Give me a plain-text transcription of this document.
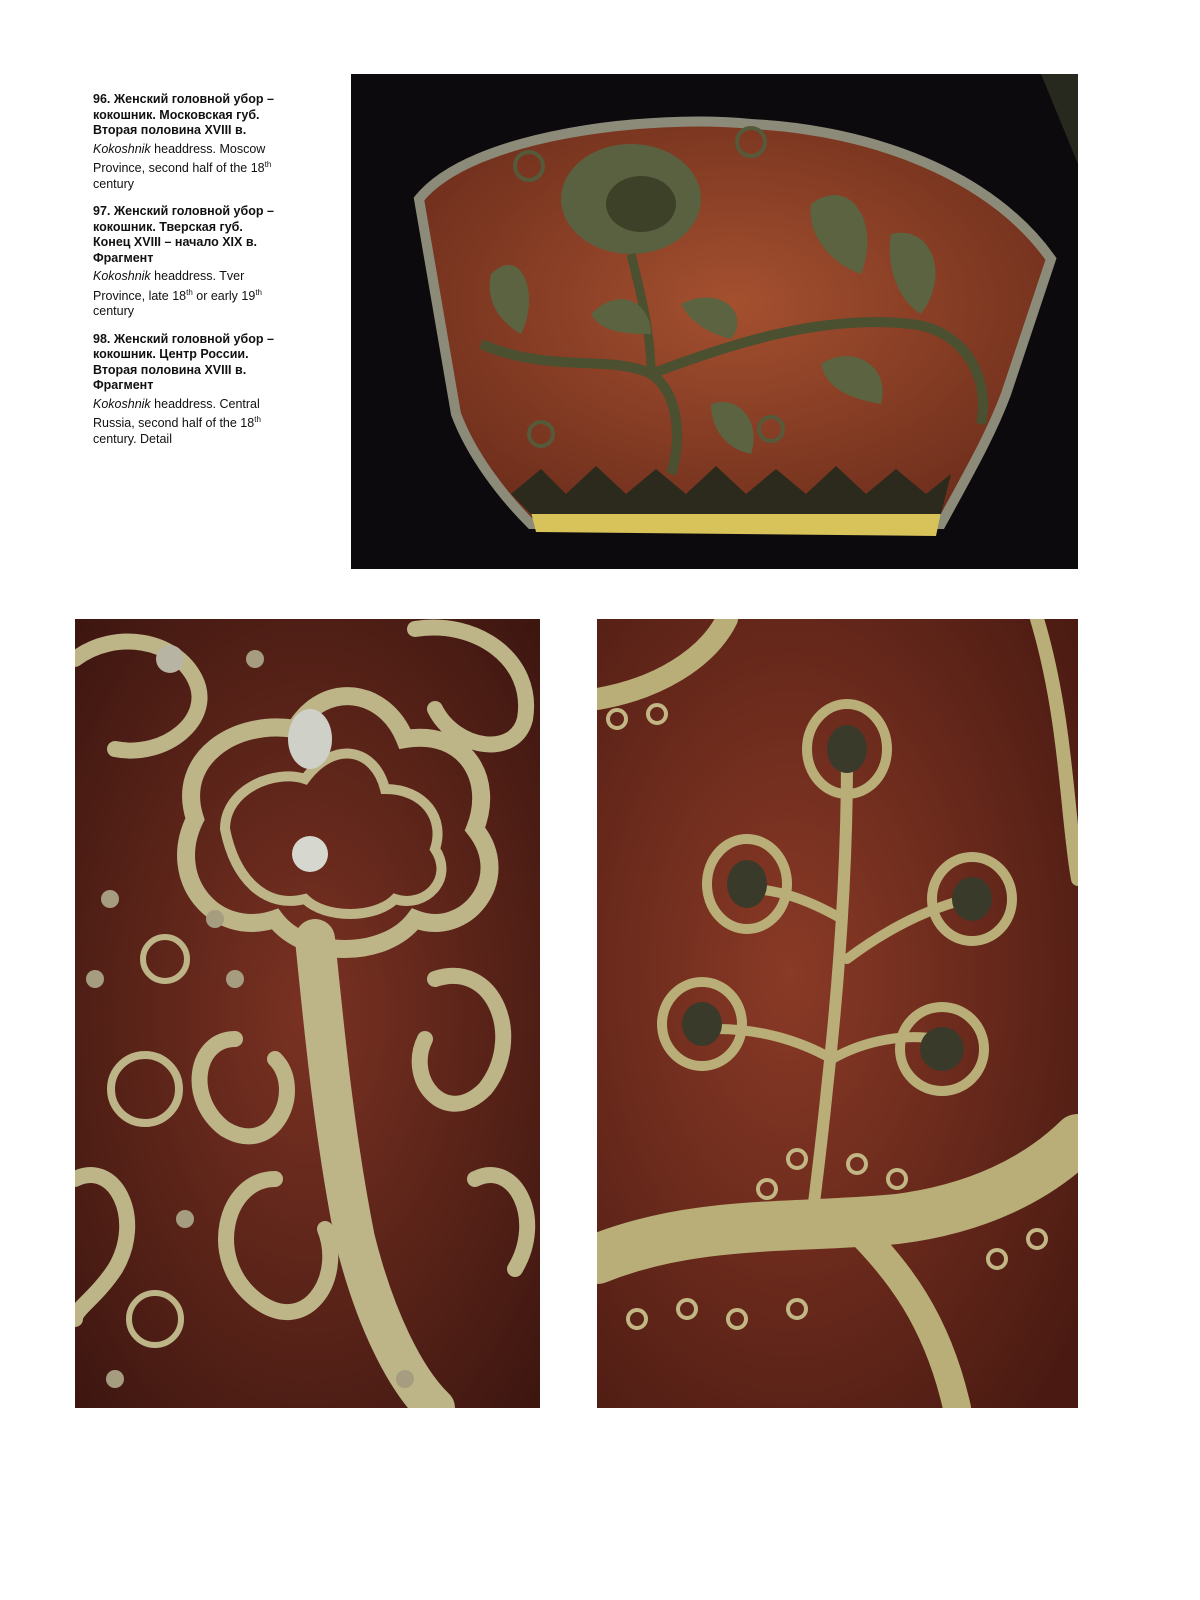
96. Женский головной убор –
кокошник. Московская губ.
Вторая половина XVIII в.
Kokoshnik headdress. Moscow
Province, second half of the 18th
century
97. Женский головной убор –
кокошник. Тверская губ.
Конец XVIII – начало XIX в.
Фрагмент
Kokoshnik headdress. Tver
Province, late 18th or early 19th
century
98. Женский головной убор –
кокошник. Центр России.
Вторая половина XVIII в.
Фрагмент
Kokoshnik headdress. Central
Russia, second half of the 18th
century. Detail
